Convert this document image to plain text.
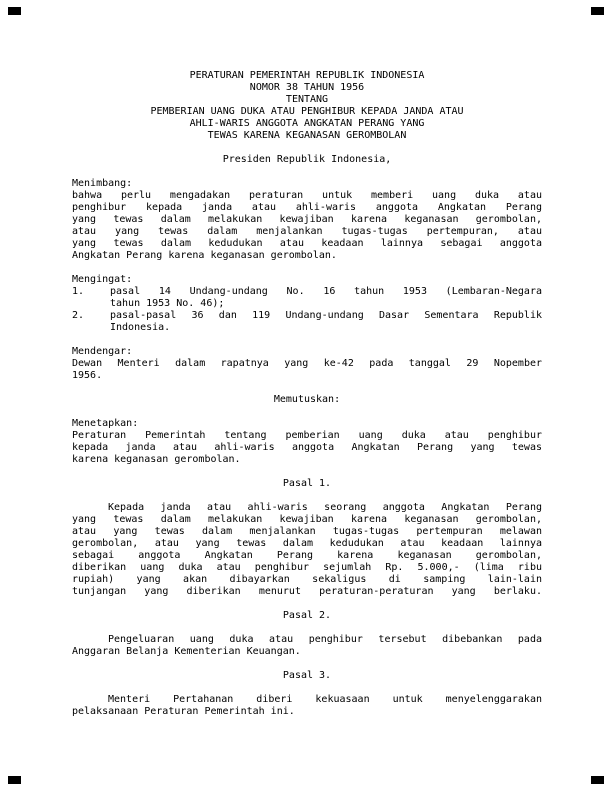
PERATURAN PEMERINTAH REPUBLIK INDONESIA
NOMOR 38 TAHUN 1956
TENTANG
PEMBERIAN UANG DUKA ATAU PENGHIBUR KEPADA JANDA ATAU
AHLI-WARIS ANGGOTA ANGKATAN PERANG YANG
TEWAS KARENA KEGANASAN GEROMBOLAN
Presiden Republik Indonesia,
Menimbang:
bahwa perlu mengadakan peraturan untuk memberi uang duka atau
penghibur kepada janda atau ahli-waris anggota Angkatan Perang
yang tewas dalam melakukan kewajiban karena keganasan gerombolan,
atau yang tewas dalam menjalankan tugas-tugas pertempuran, atau
yang tewas dalam kedudukan atau keadaan lainnya sebagai anggota
Angkatan Perang karena keganasan gerombolan.
Mengingat:
1.	pasal 14 Undang-undang No. 16 tahun 1953 (Lembaran-Negara
tahun 1953 No. 46);
2.	pasal-pasal 36 dan 119 Undang-undang Dasar Sementara Republik
Indonesia.
Mendengar:
Dewan Menteri dalam rapatnya yang ke-42 pada tanggal 29 Nopember
1956.
Memutuskan:
Menetapkan:
Peraturan Pemerintah tentang pemberian uang duka atau penghibur
kepada janda atau ahli-waris anggota Angkatan Perang yang tewas
karena keganasan gerombolan.
Pasal 1.
Kepada janda atau ahli-waris seorang anggota Angkatan Perang
yang tewas dalam melakukan kewajiban karena keganasan gerombolan,
atau yang tewas dalam menjalankan tugas-tugas pertempuran melawan
gerombolan, atau yang tewas dalam kedudukan atau keadaan lainnya
sebagai anggota Angkatan Perang karena keganasan gerombolan,
diberikan uang duka atau penghibur sejumlah Rp. 5.000,- (lima ribu
rupiah) yang akan dibayarkan sekaligus di samping lain-lain
tunjangan yang diberikan menurut peraturan-peraturan yang berlaku.
Pasal 2.
Pengeluaran uang duka atau penghibur tersebut dibebankan pada
Anggaran Belanja Kementerian Keuangan.
Pasal 3.
Menteri Pertahanan diberi kekuasaan untuk menyelenggarakan
pelaksanaan Peraturan Pemerintah ini.
